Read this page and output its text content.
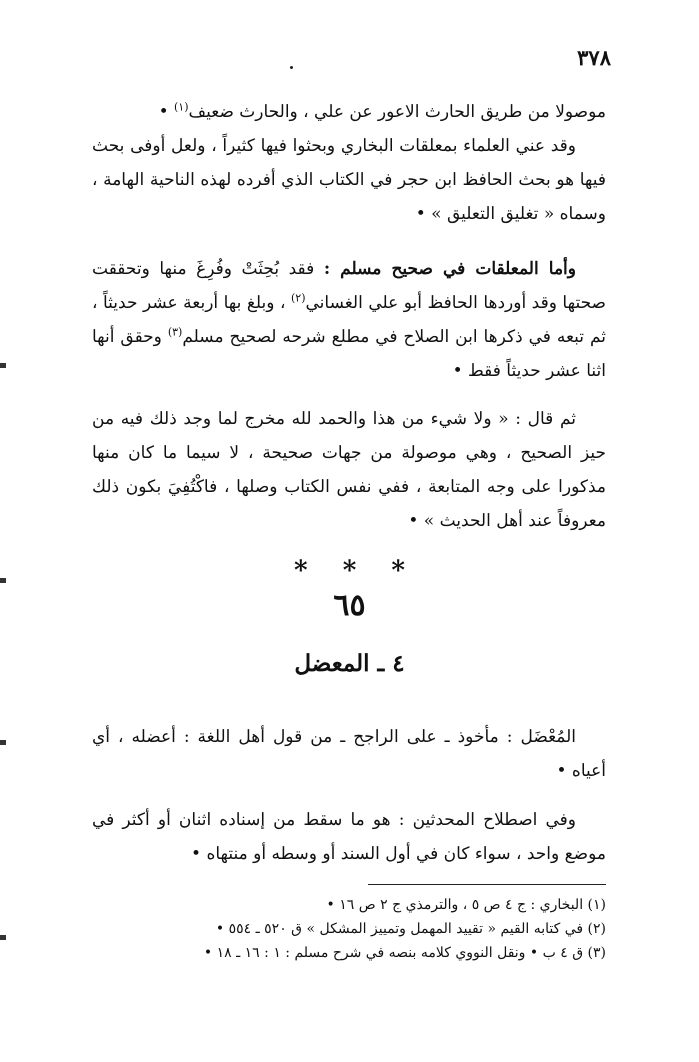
٣٧٨

موصولا من طريق الحارث الاعور عن علي ، والحارث ضعيف$^{(١)}$ •

وقد عني العلماء بمعلقات البخاري وبحثوا فيها كثيراً ، ولعل أوفى بحث فيها هو بحث الحافظ ابن حجر في الكتاب الذي أفرده لهذه الناحية الهامة ، وسماه « تغليق التعليق » •

وأما المعلقات في صحيح مسلم : فقد بُحِثَتْ وفُرِغَ منها وتحققت صحتها وقد أوردها الحافظ أبو علي الغساني$^{(٢)}$ ، وبلغ بها أربعة عشر حديثاً ، ثم تبعه في ذكرها ابن الصلاح في مطلع شرحه لصحيح مسلم$^{(٣)}$ وحقق أنها اثنا عشر حديثاً فقط •

ثم قال : « ولا شيء من هذا والحمد لله مخرج لما وجد ذلك فيه من حيز الصحيح ، وهي موصولة من جهات صحيحة ، لا سيما ما كان منها مذكورا على وجه المتابعة ، ففي نفس الكتاب وصلها ، فاكْتُفِيَ بكون ذلك معروفاً عند أهل الحديث » •

* * *
٦٥
٤ ـ المعضل

المُعْضَل : مأخوذ ـ على الراجح ـ من قول أهل اللغة : أعضله ، أي أعياه •

وفي اصطلاح المحدثين : هو ما سقط من إسناده اثنان أو أكثر في موضع واحد ، سواء كان في أول السند أو وسطه أو منتهاه •

(١) البخاري : ج ٤ ص ٥ ، والترمذي ج ٢ ص ١٦ •

(٢) في كتابه القيم « تقييد المهمل وتمييز المشكل » ق ٥٢٠ ـ ٥٥٤ •

(٣) ق ٤ ب • ونقل النووي كلامه بنصه في شرح مسلم : ١ : ١٦ ـ ١٨ •
